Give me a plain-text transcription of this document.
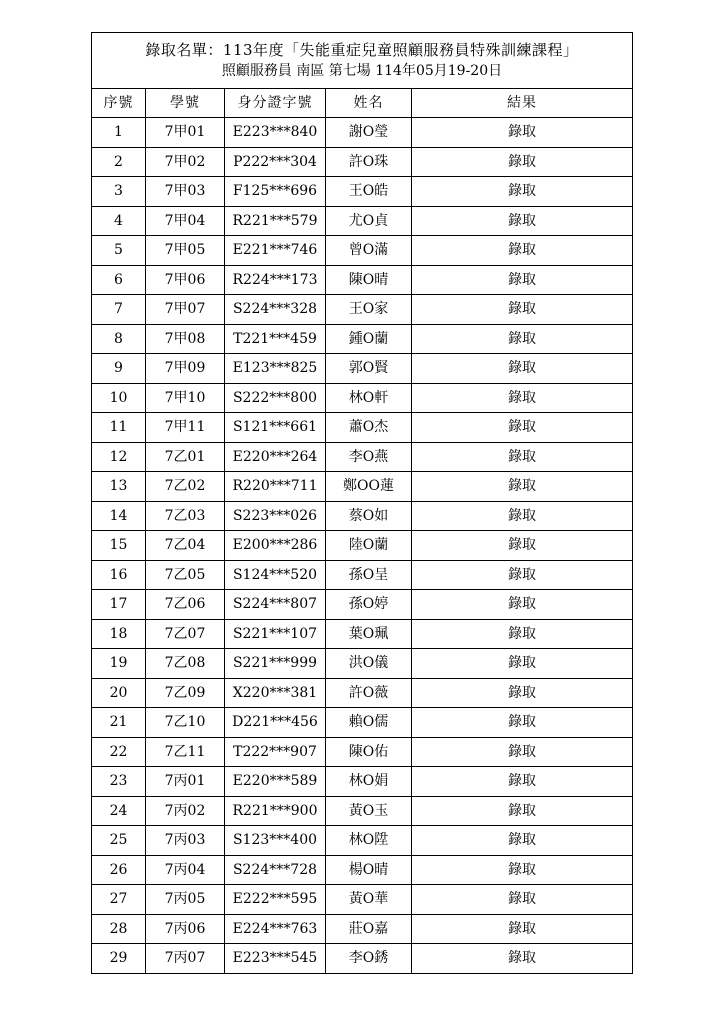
錄取名單：113年度「失能重症兒童照顧服務員特殊訓練課程」
照顧服務員 南區 第七場 114年05月19-20日				

序號	學號	身分證字號	姓名	結果
1	7甲01	E223***840	謝O瑩	錄取
2	7甲02	P222***304	許O珠	錄取
3	7甲03	F125***696	王O皓	錄取
4	7甲04	R221***579	尤O貞	錄取
5	7甲05	E221***746	曾O滿	錄取
6	7甲06	R224***173	陳O晴	錄取
7	7甲07	S224***328	王O家	錄取
8	7甲08	T221***459	鍾O蘭	錄取
9	7甲09	E123***825	郭O賢	錄取
10	7甲10	S222***800	林O軒	錄取
11	7甲11	S121***661	蕭O杰	錄取
12	7乙01	E220***264	李O燕	錄取
13	7乙02	R220***711	鄭OO蓮	錄取
14	7乙03	S223***026	蔡O如	錄取
15	7乙04	E200***286	陸O蘭	錄取
16	7乙05	S124***520	孫O呈	錄取
17	7乙06	S224***807	孫O婷	錄取
18	7乙07	S221***107	葉O珮	錄取
19	7乙08	S221***999	洪O儀	錄取
20	7乙09	X220***381	許O薇	錄取
21	7乙10	D221***456	賴O儒	錄取
22	7乙11	T222***907	陳O佑	錄取
23	7丙01	E220***589	林O娟	錄取
24	7丙02	R221***900	黃O玉	錄取
25	7丙03	S123***400	林O陞	錄取
26	7丙04	S224***728	楊O晴	錄取
27	7丙05	E222***595	黃O華	錄取
28	7丙06	E224***763	莊O嘉	錄取
29	7丙07	E223***545	李O銹	錄取
